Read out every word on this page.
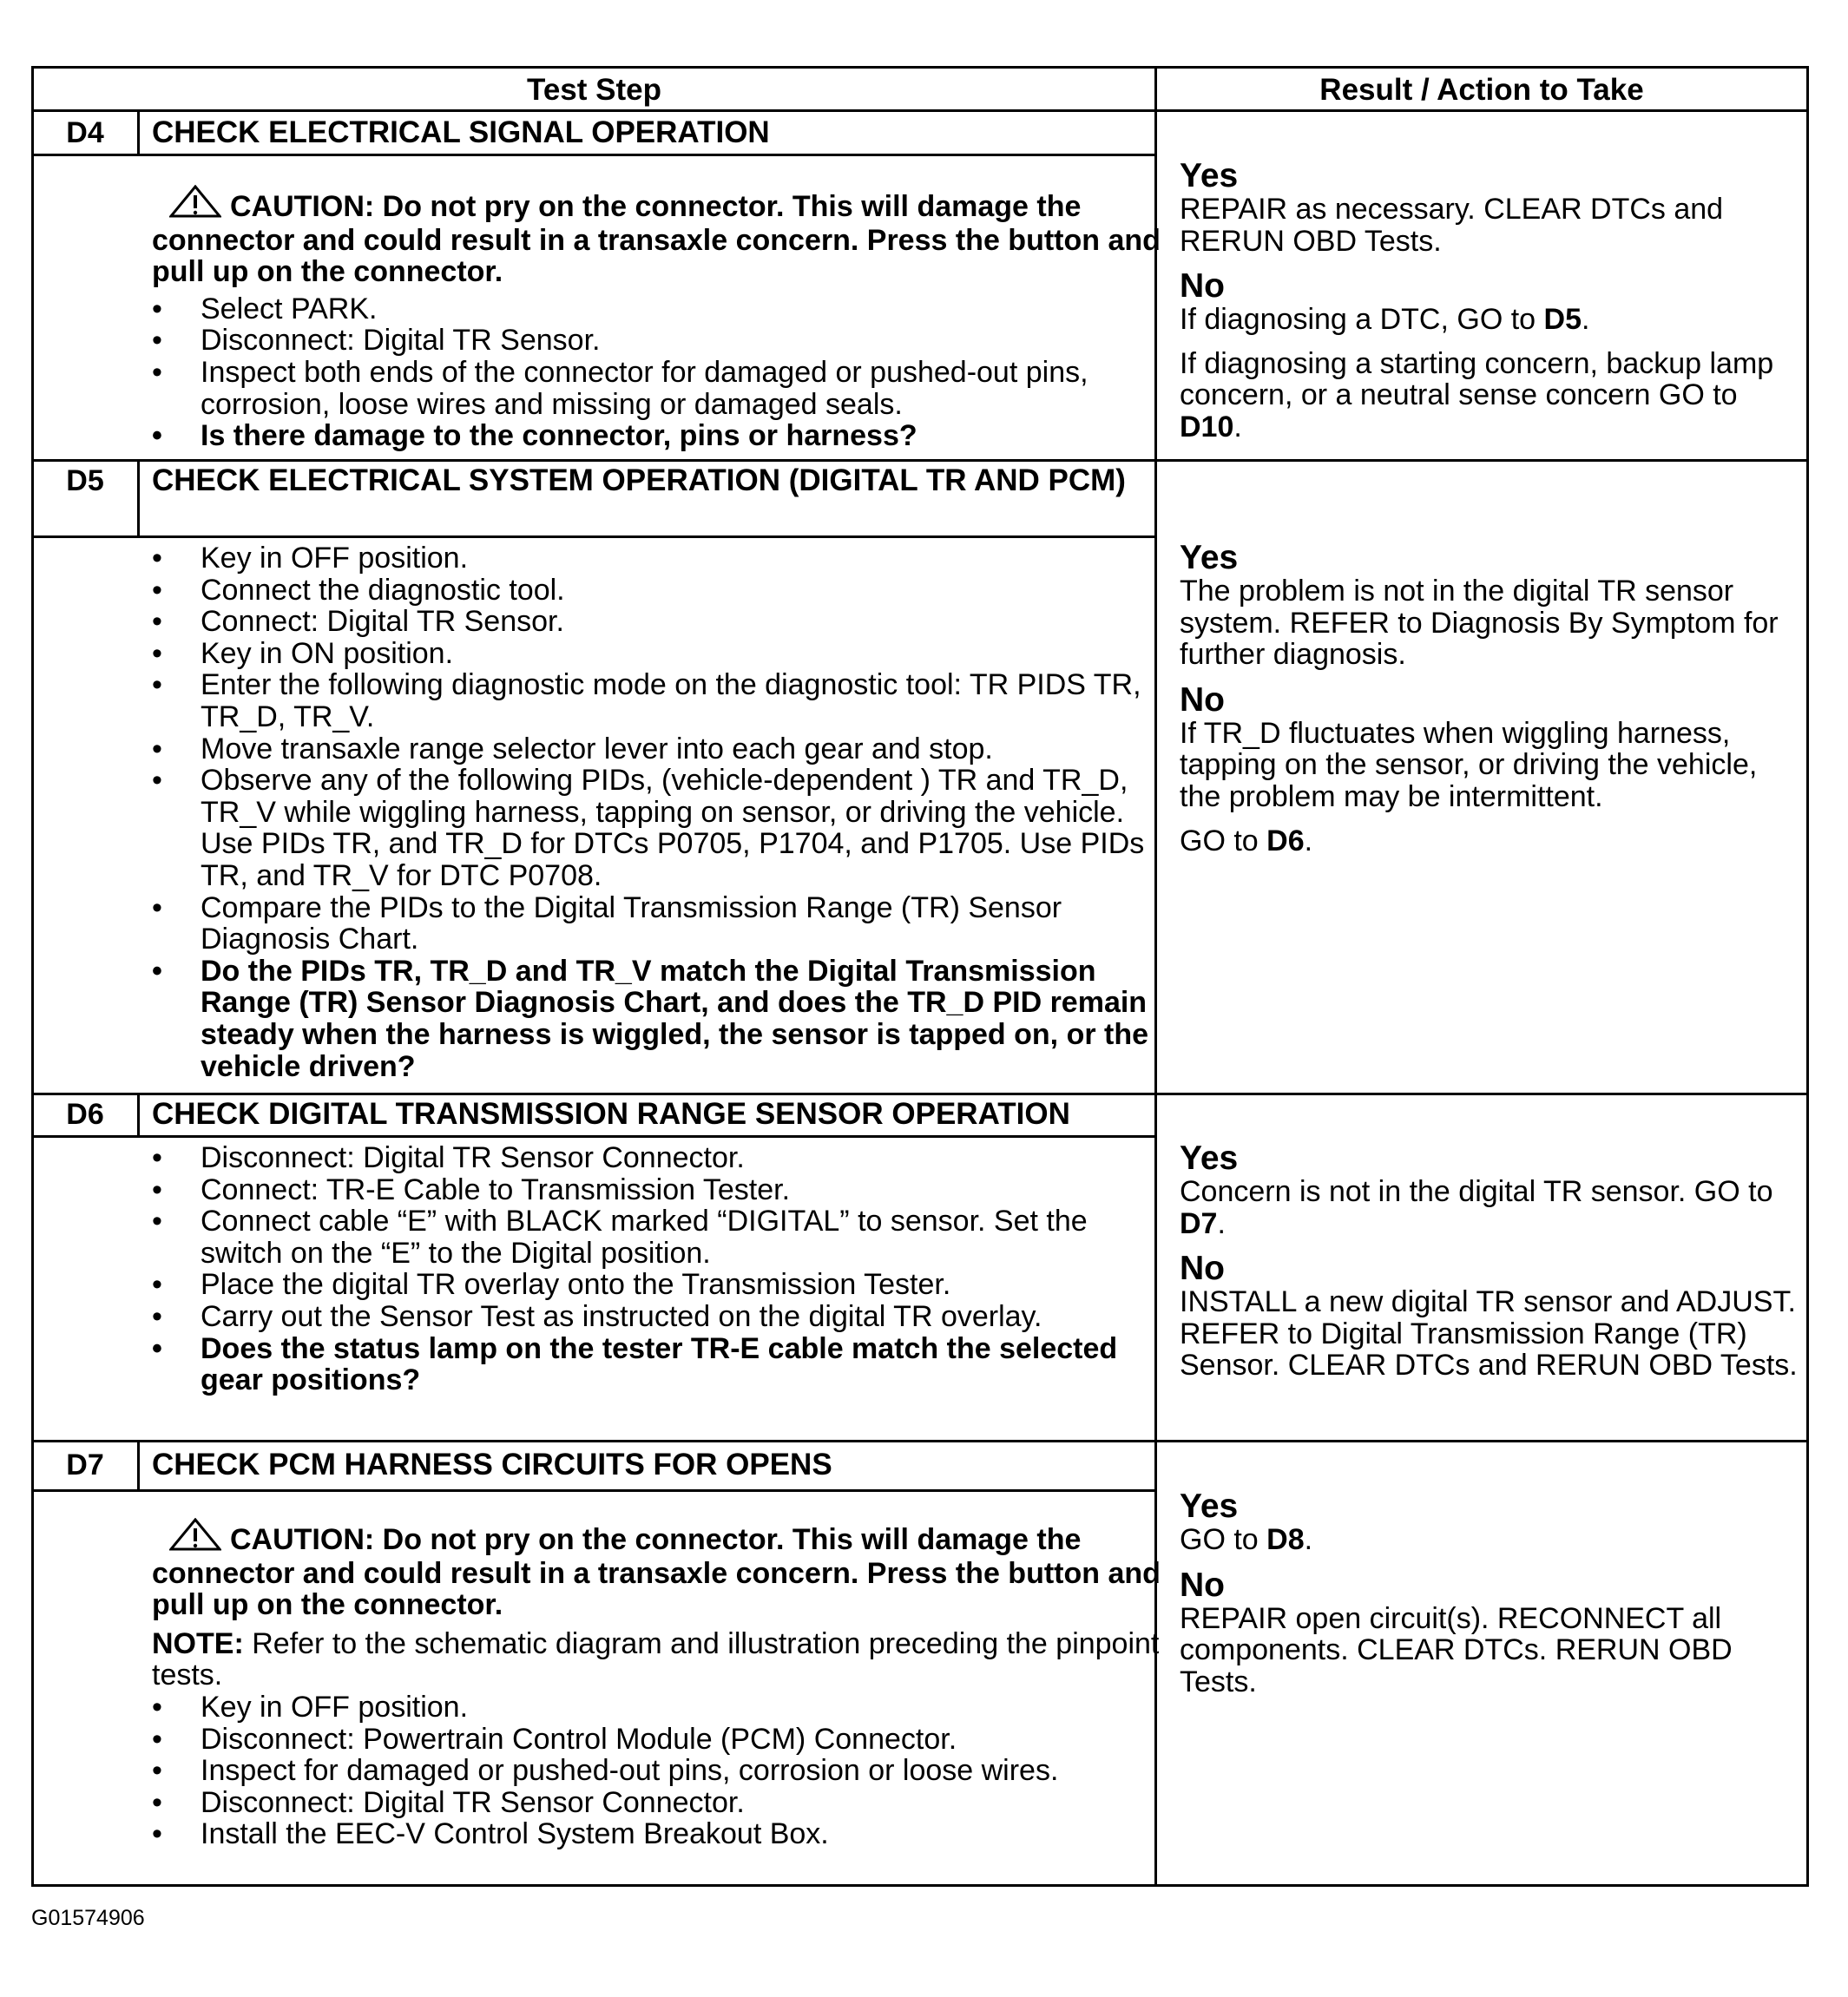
Test Step	Result / Action to Take
D4	CHECK ELECTRICAL SIGNAL OPERATION
CAUTION: Do not pry on the connector. This will damage the connector and could result in a transaxle concern. Press the button and pull up on the connector.
• Select PARK.
• Disconnect: Digital TR Sensor.
• Inspect both ends of the connector for damaged or pushed-out pins, corrosion, loose wires and missing or damaged seals.
• Is there damage to the connector, pins or harness?

Yes

REPAIR as necessary. CLEAR DTCs and RERUN OBD Tests.

No

If diagnosing a DTC, GO to D5.

If diagnosing a starting concern, backup lamp concern, or a neutral sense concern GO to D10.

D5	CHECK ELECTRICAL SYSTEM OPERATION (DIGITAL TR AND PCM)
• Key in OFF position.
• Connect the diagnostic tool.
• Connect: Digital TR Sensor.
• Key in ON position.
• Enter the following diagnostic mode on the diagnostic tool: TR PIDS TR, TR_D, TR_V.
• Move transaxle range selector lever into each gear and stop.
• Observe any of the following PIDs, (vehicle-dependent ) TR and TR_D, TR_V while wiggling harness, tapping on sensor, or driving the vehicle. Use PIDs TR, and TR_D for DTCs P0705, P1704, and P1705. Use PIDs TR, and TR_V for DTC P0708.
• Compare the PIDs to the Digital Transmission Range (TR) Sensor Diagnosis Chart.
• Do the PIDs TR, TR_D and TR_V match the Digital Transmission Range (TR) Sensor Diagnosis Chart, and does the TR_D PID remain steady when the harness is wiggled, the sensor is tapped on, or the vehicle driven?

Yes

The problem is not in the digital TR sensor system. REFER to Diagnosis By Symptom for further diagnosis.

No

If TR_D fluctuates when wiggling harness, tapping on the sensor, or driving the vehicle, the problem may be intermittent.

GO to D6.

D6	CHECK DIGITAL TRANSMISSION RANGE SENSOR OPERATION
• Disconnect: Digital TR Sensor Connector.
• Connect: TR-E Cable to Transmission Tester.
• Connect cable “E” with BLACK marked “DIGITAL” to sensor. Set the switch on the “E” to the Digital position.
• Place the digital TR overlay onto the Transmission Tester.
• Carry out the Sensor Test as instructed on the digital TR overlay.
• Does the status lamp on the tester TR-E cable match the selected gear positions?

Yes

Concern is not in the digital TR sensor. GO to D7.

No

INSTALL a new digital TR sensor and ADJUST. REFER to Digital Transmission Range (TR) Sensor. CLEAR DTCs and RERUN OBD Tests.

D7	CHECK PCM HARNESS CIRCUITS FOR OPENS
CAUTION: Do not pry on the connector. This will damage the connector and could result in a transaxle concern. Press the button and pull up on the connector.

NOTE: Refer to the schematic diagram and illustration preceding the pinpoint tests.

• Key in OFF position.
• Disconnect: Powertrain Control Module (PCM) Connector.
• Inspect for damaged or pushed-out pins, corrosion or loose wires.
• Disconnect: Digital TR Sensor Connector.
• Install the EEC-V Control System Breakout Box.

Yes

GO to D8.

No

REPAIR open circuit(s). RECONNECT all components. CLEAR DTCs. RERUN OBD Tests.

G01574906
